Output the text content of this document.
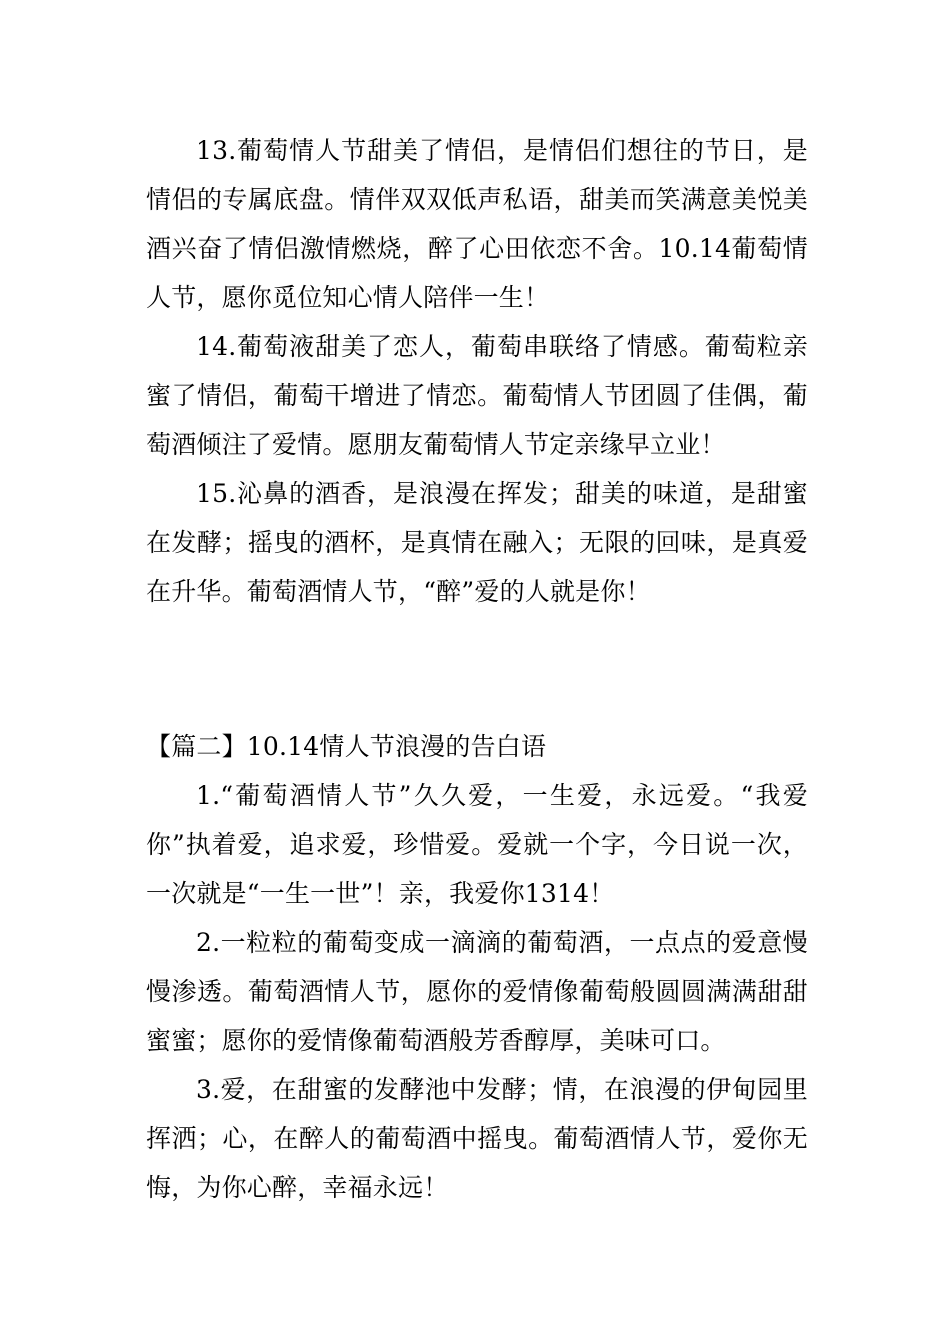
13.葡萄情人节甜美了情侣，是情侣们想往的节日，是情侣的专属底盘。情伴双双低声私语，甜美而笑满意美悦美酒兴奋了情侣激情燃烧，醉了心田依恋不舍。10.14葡萄情人节，愿你觅位知心情人陪伴一生！

14.葡萄液甜美了恋人，葡萄串联络了情感。葡萄粒亲蜜了情侣，葡萄干增进了情恋。葡萄情人节团圆了佳偶，葡萄酒倾注了爱情。愿朋友葡萄情人节定亲缘早立业！

15.沁鼻的酒香，是浪漫在挥发；甜美的味道，是甜蜜在发酵；摇曳的酒杯，是真情在融入；无限的回味，是真爱在升华。葡萄酒情人节，“醉”爱的人就是你！

【篇二】10.14情人节浪漫的告白语

1.“葡萄酒情人节”久久爱，一生爱，永远爱。“我爱你”执着爱，追求爱，珍惜爱。爱就一个字，今日说一次，一次就是“一生一世”！亲，我爱你1314！

2.一粒粒的葡萄变成一滴滴的葡萄酒，一点点的爱意慢慢渗透。葡萄酒情人节，愿你的爱情像葡萄般圆圆满满甜甜蜜蜜；愿你的爱情像葡萄酒般芳香醇厚，美味可口。

3.爱，在甜蜜的发酵池中发酵；情，在浪漫的伊甸园里挥洒；心，在醉人的葡萄酒中摇曳。葡萄酒情人节，爱你无悔，为你心醉，幸福永远！
